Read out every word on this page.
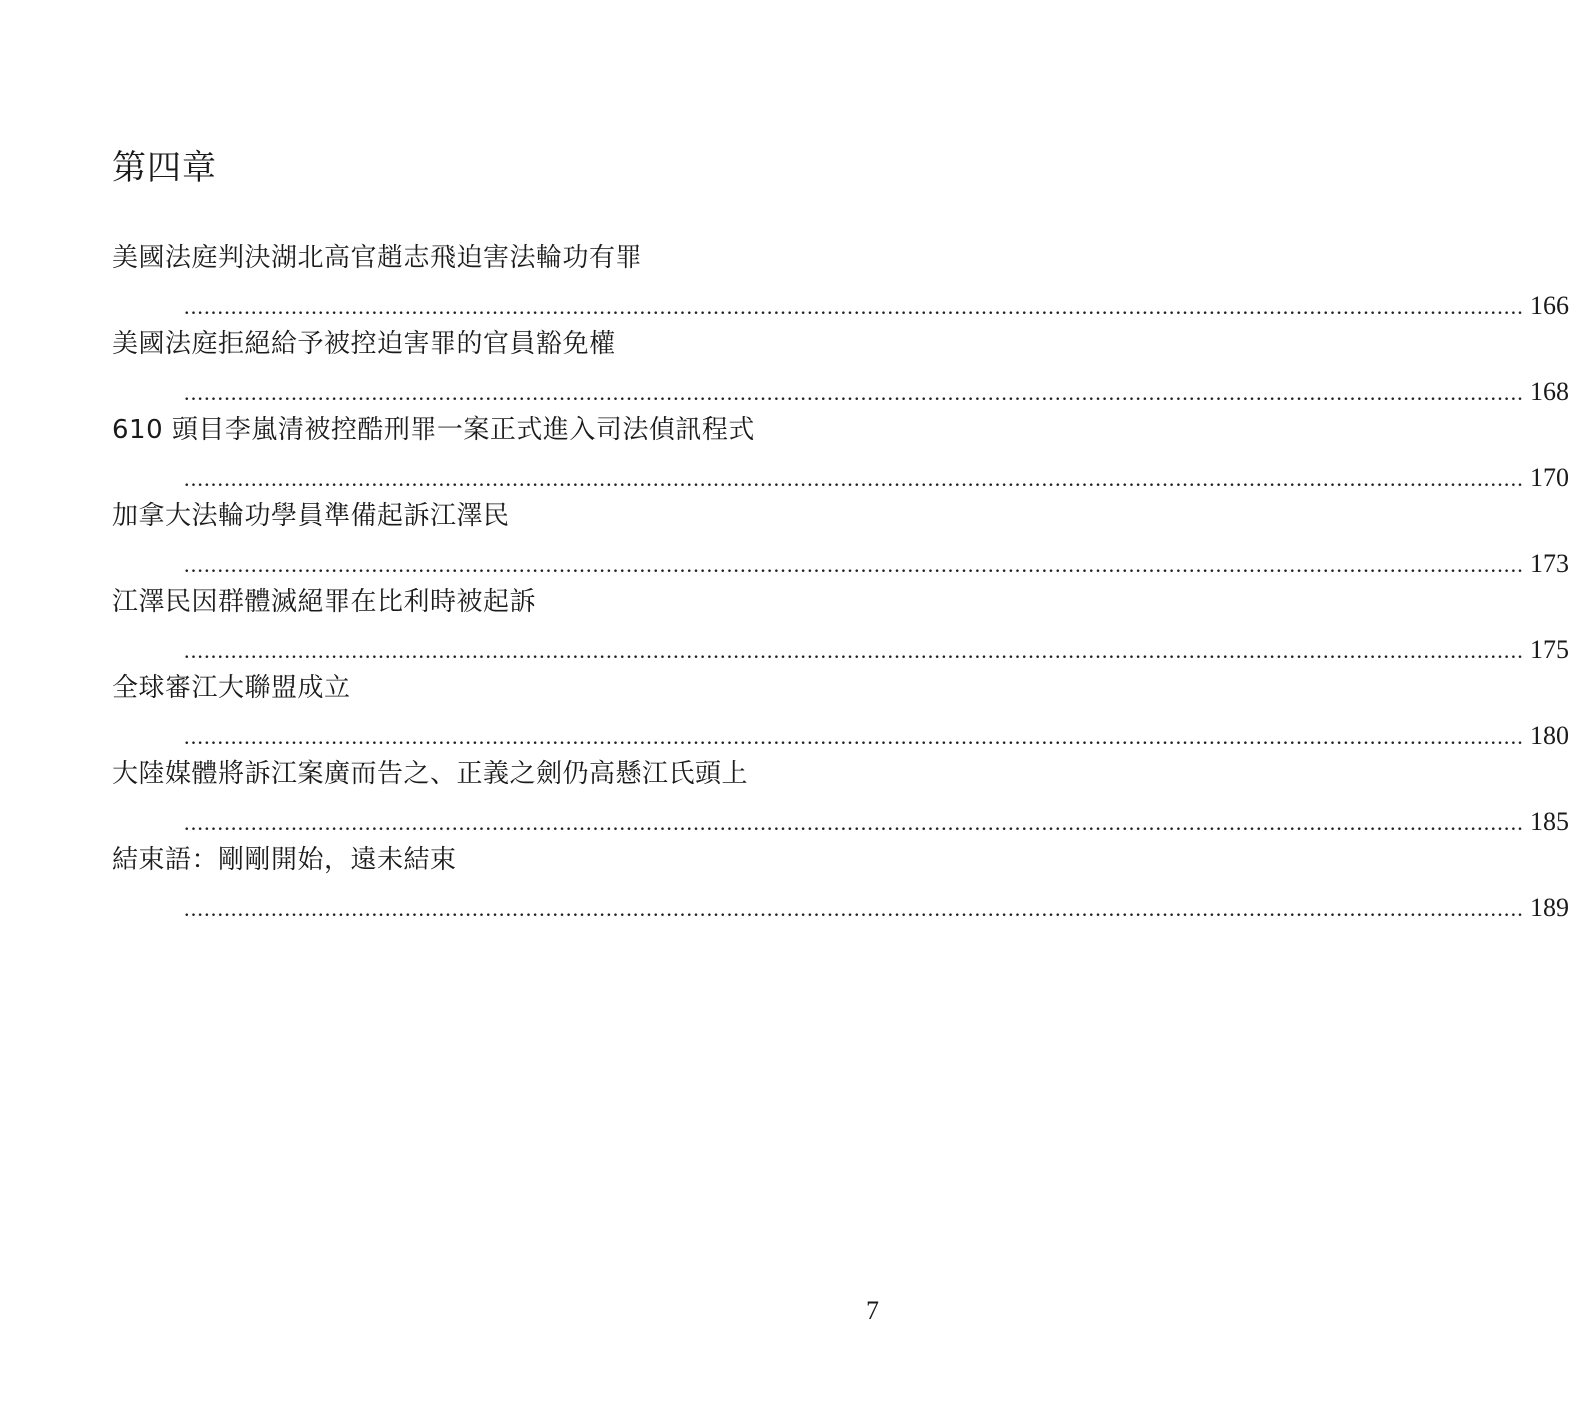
第四章
美國法庭判決湖北高官趙志飛迫害法輪功有罪
........................................................................................................................................................................................................ 166
美國法庭拒絕給予被控迫害罪的官員豁免權
........................................................................................................................................................................................................ 168
610 頭目李嵐清被控酷刑罪一案正式進入司法偵訊程式
........................................................................................................................................................................................................ 170
加拿大法輪功學員準備起訴江澤民
........................................................................................................................................................................................................ 173
江澤民因群體滅絕罪在比利時被起訴
........................................................................................................................................................................................................ 175
全球審江大聯盟成立
........................................................................................................................................................................................................ 180
大陸媒體將訴江案廣而告之、正義之劍仍高懸江氏頭上
........................................................................................................................................................................................................ 185
結束語：剛剛開始，遠未結束
........................................................................................................................................................................................................ 189
7
